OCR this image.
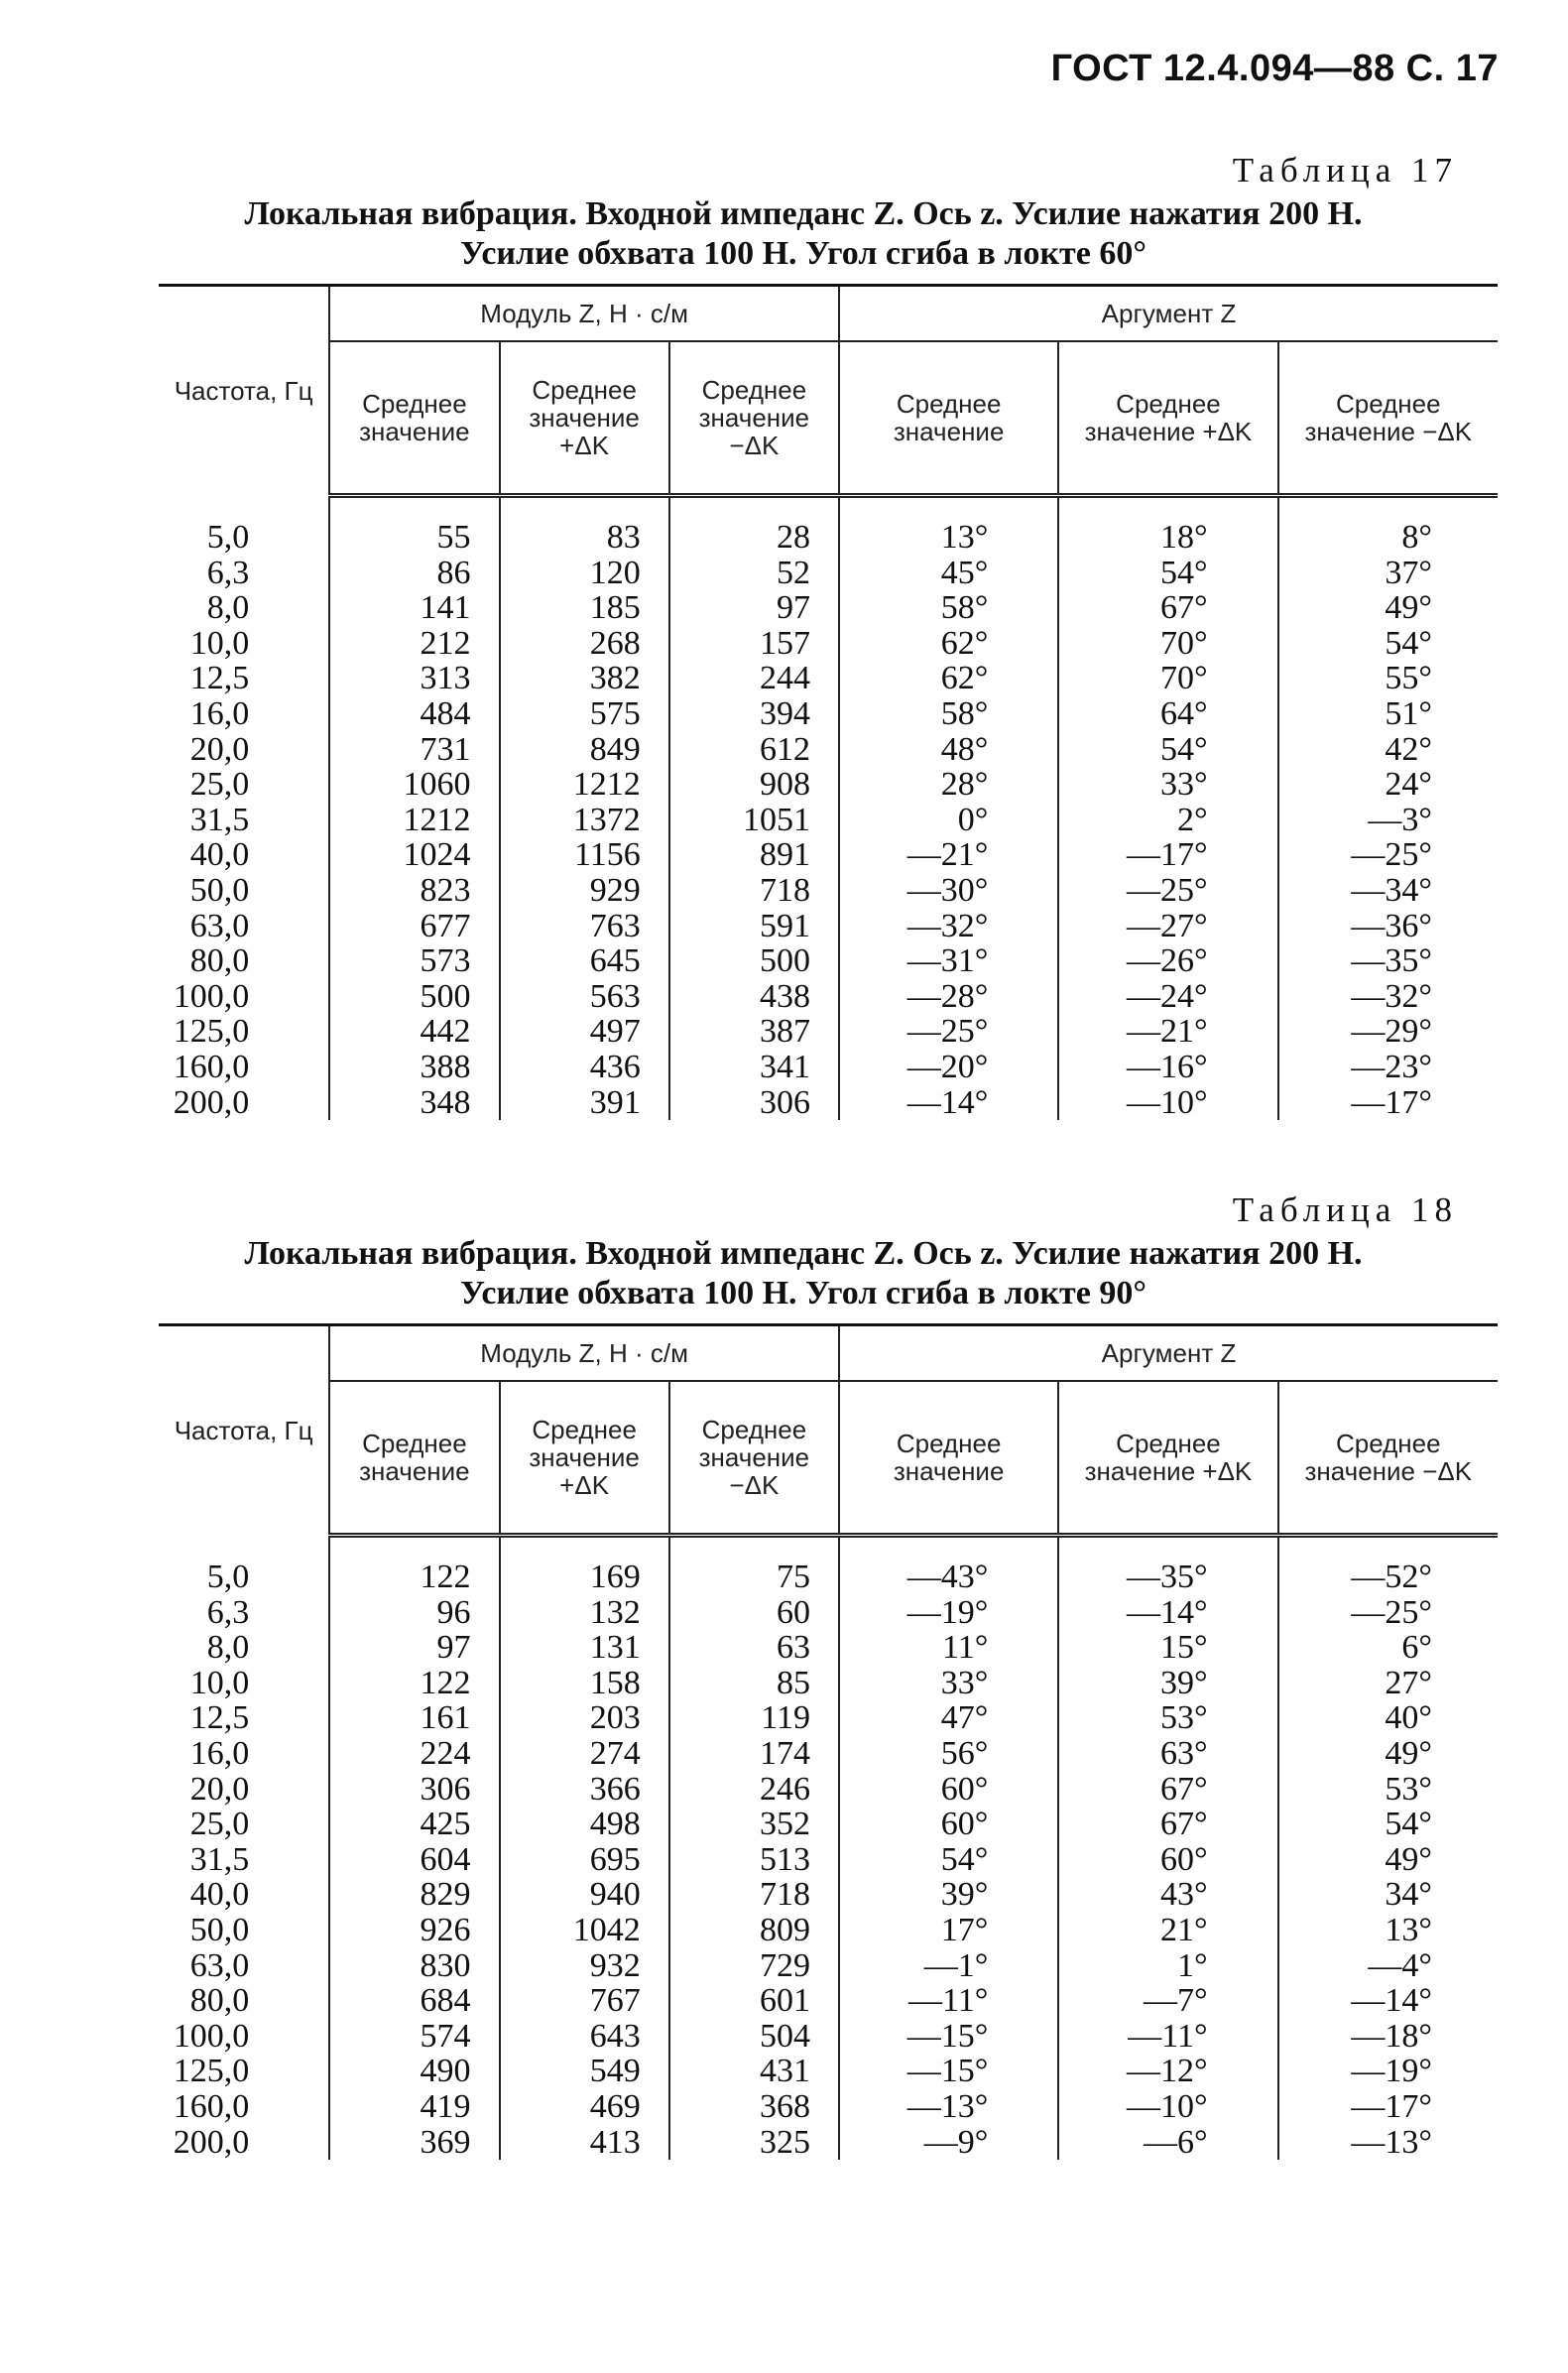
ГОСТ 12.4.094—88 С. 17
Таблица 17
Локальная вибрация. Входной импеданс Z. Ось z. Усилие нажатия 200 Н.
Усилие обхвата 100 Н. Угол сгиба в локте 60°
Частота, Гц	Модуль Z, Н · с/м			Аргумент Z		
	Среднее значение	Среднее значение +ΔK	Среднее значение −ΔK	Среднее значение	Среднее значение +ΔK	Среднее значение −ΔK

5,0	55	83	28	13°	18°	8°
6,3	86	120	52	45°	54°	37°
8,0	141	185	97	58°	67°	49°
10,0	212	268	157	62°	70°	54°
12,5	313	382	244	62°	70°	55°
16,0	484	575	394	58°	64°	51°
20,0	731	849	612	48°	54°	42°
25,0	1060	1212	908	28°	33°	24°
31,5	1212	1372	1051	0°	2°	—3°
40,0	1024	1156	891	—21°	—17°	—25°
50,0	823	929	718	—30°	—25°	—34°
63,0	677	763	591	—32°	—27°	—36°
80,0	573	645	500	—31°	—26°	—35°
100,0	500	563	438	—28°	—24°	—32°
125,0	442	497	387	—25°	—21°	—29°
160,0	388	436	341	—20°	—16°	—23°
200,0	348	391	306	—14°	—10°	—17°
Таблица 18
Локальная вибрация. Входной импеданс Z. Ось z. Усилие нажатия 200 Н.
Усилие обхвата 100 Н. Угол сгиба в локте 90°
Частота, Гц	Модуль Z, Н · с/м			Аргумент Z		
	Среднее значение	Среднее значение +ΔK	Среднее значение −ΔK	Среднее значение	Среднее значение +ΔK	Среднее значение −ΔK

5,0	122	169	75	—43°	—35°	—52°
6,3	96	132	60	—19°	—14°	—25°
8,0	97	131	63	11°	15°	6°
10,0	122	158	85	33°	39°	27°
12,5	161	203	119	47°	53°	40°
16,0	224	274	174	56°	63°	49°
20,0	306	366	246	60°	67°	53°
25,0	425	498	352	60°	67°	54°
31,5	604	695	513	54°	60°	49°
40,0	829	940	718	39°	43°	34°
50,0	926	1042	809	17°	21°	13°
63,0	830	932	729	—1°	1°	—4°
80,0	684	767	601	—11°	—7°	—14°
100,0	574	643	504	—15°	—11°	—18°
125,0	490	549	431	—15°	—12°	—19°
160,0	419	469	368	—13°	—10°	—17°
200,0	369	413	325	—9°	—6°	—13°
